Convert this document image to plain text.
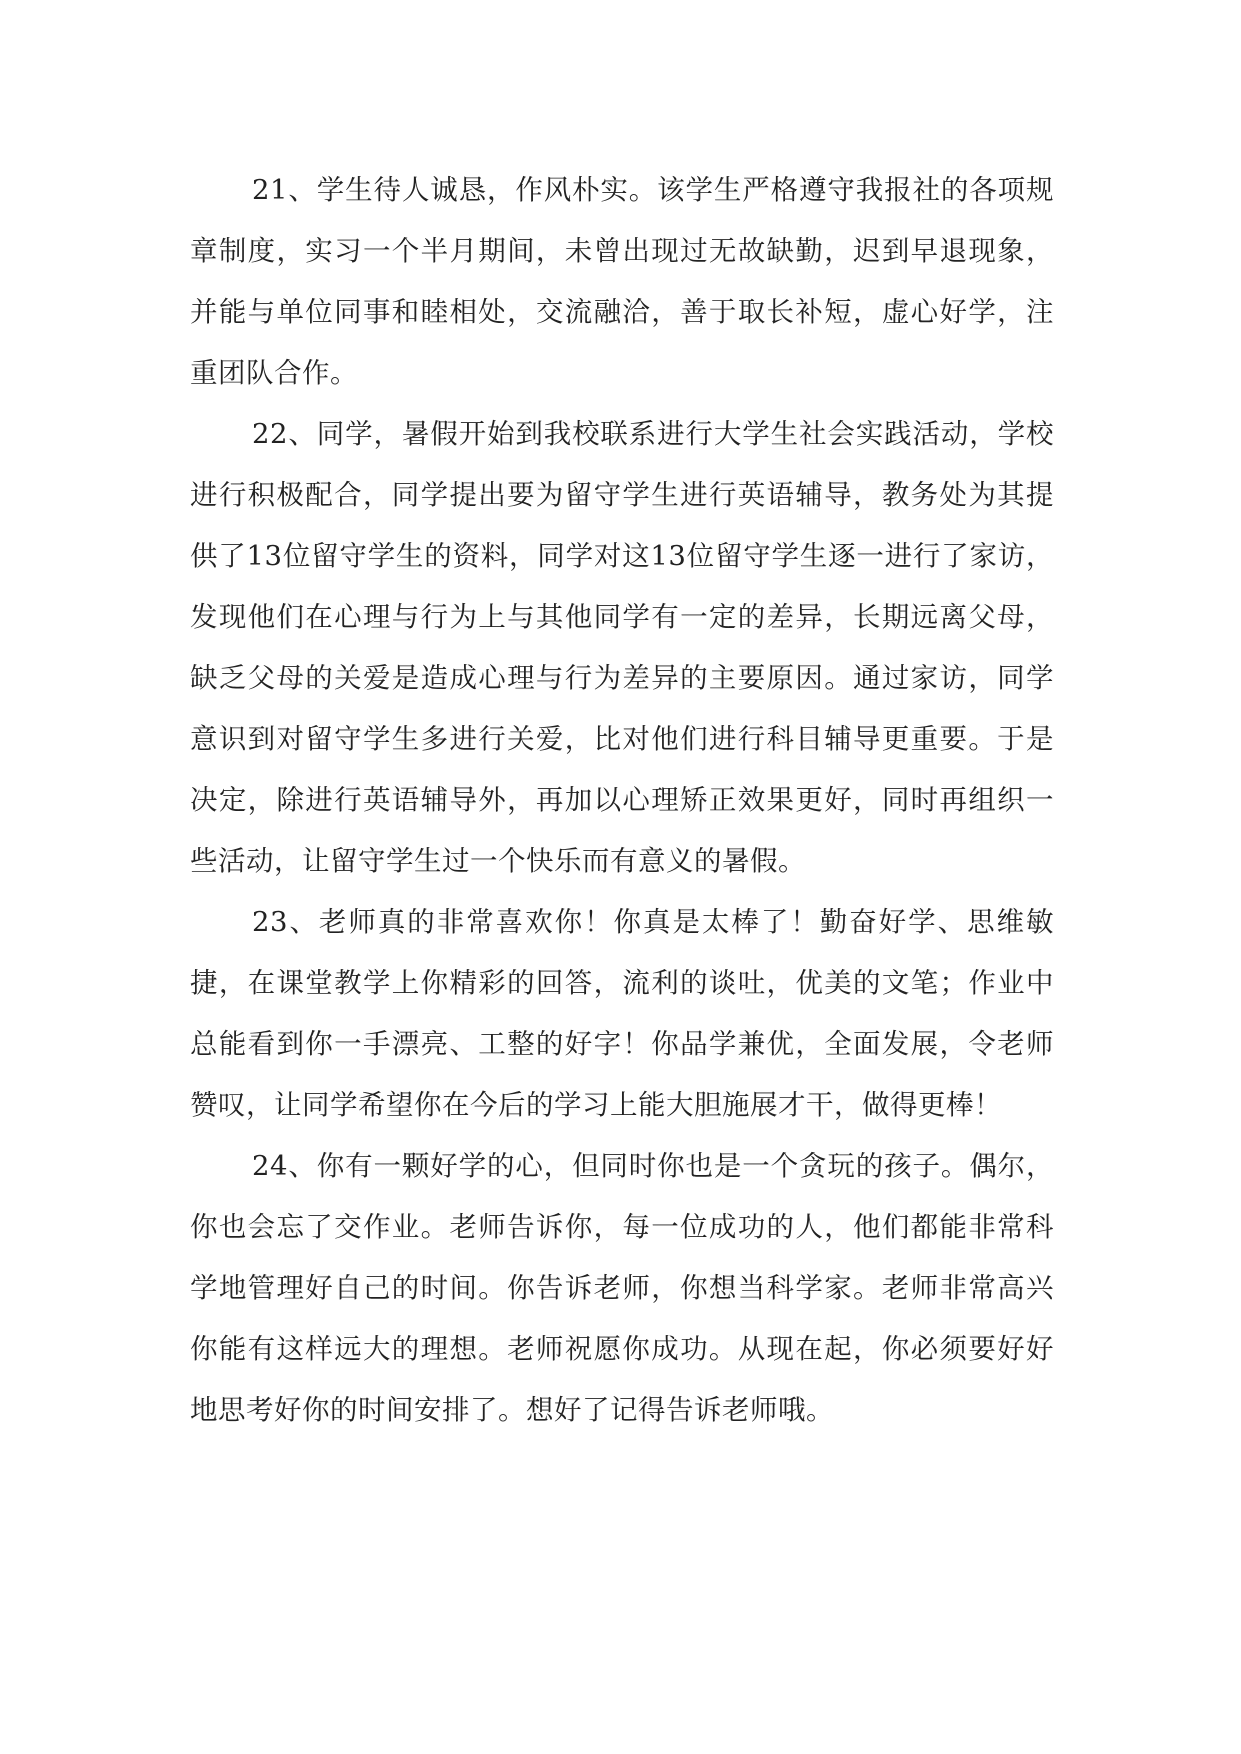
21、学生待人诚恳，作风朴实。该学生严格遵守我报社的各项规章制度，实习一个半月期间，未曾出现过无故缺勤，迟到早退现象，并能与单位同事和睦相处，交流融洽，善于取长补短，虚心好学，注重团队合作。

22、同学，暑假开始到我校联系进行大学生社会实践活动，学校进行积极配合，同学提出要为留守学生进行英语辅导，教务处为其提供了13位留守学生的资料，同学对这13位留守学生逐一进行了家访，发现他们在心理与行为上与其他同学有一定的差异，长期远离父母，缺乏父母的关爱是造成心理与行为差异的主要原因。通过家访，同学意识到对留守学生多进行关爱，比对他们进行科目辅导更重要。于是决定，除进行英语辅导外，再加以心理矫正效果更好，同时再组织一些活动，让留守学生过一个快乐而有意义的暑假。

23、老师真的非常喜欢你！你真是太棒了！勤奋好学、思维敏捷，在课堂教学上你精彩的回答，流利的谈吐，优美的文笔；作业中总能看到你一手漂亮、工整的好字！你品学兼优，全面发展，令老师赞叹，让同学希望你在今后的学习上能大胆施展才干，做得更棒！

24、你有一颗好学的心，但同时你也是一个贪玩的孩子。偶尔，你也会忘了交作业。老师告诉你，每一位成功的人，他们都能非常科学地管理好自己的时间。你告诉老师，你想当科学家。老师非常高兴你能有这样远大的理想。老师祝愿你成功。从现在起，你必须要好好地思考好你的时间安排了。想好了记得告诉老师哦。
